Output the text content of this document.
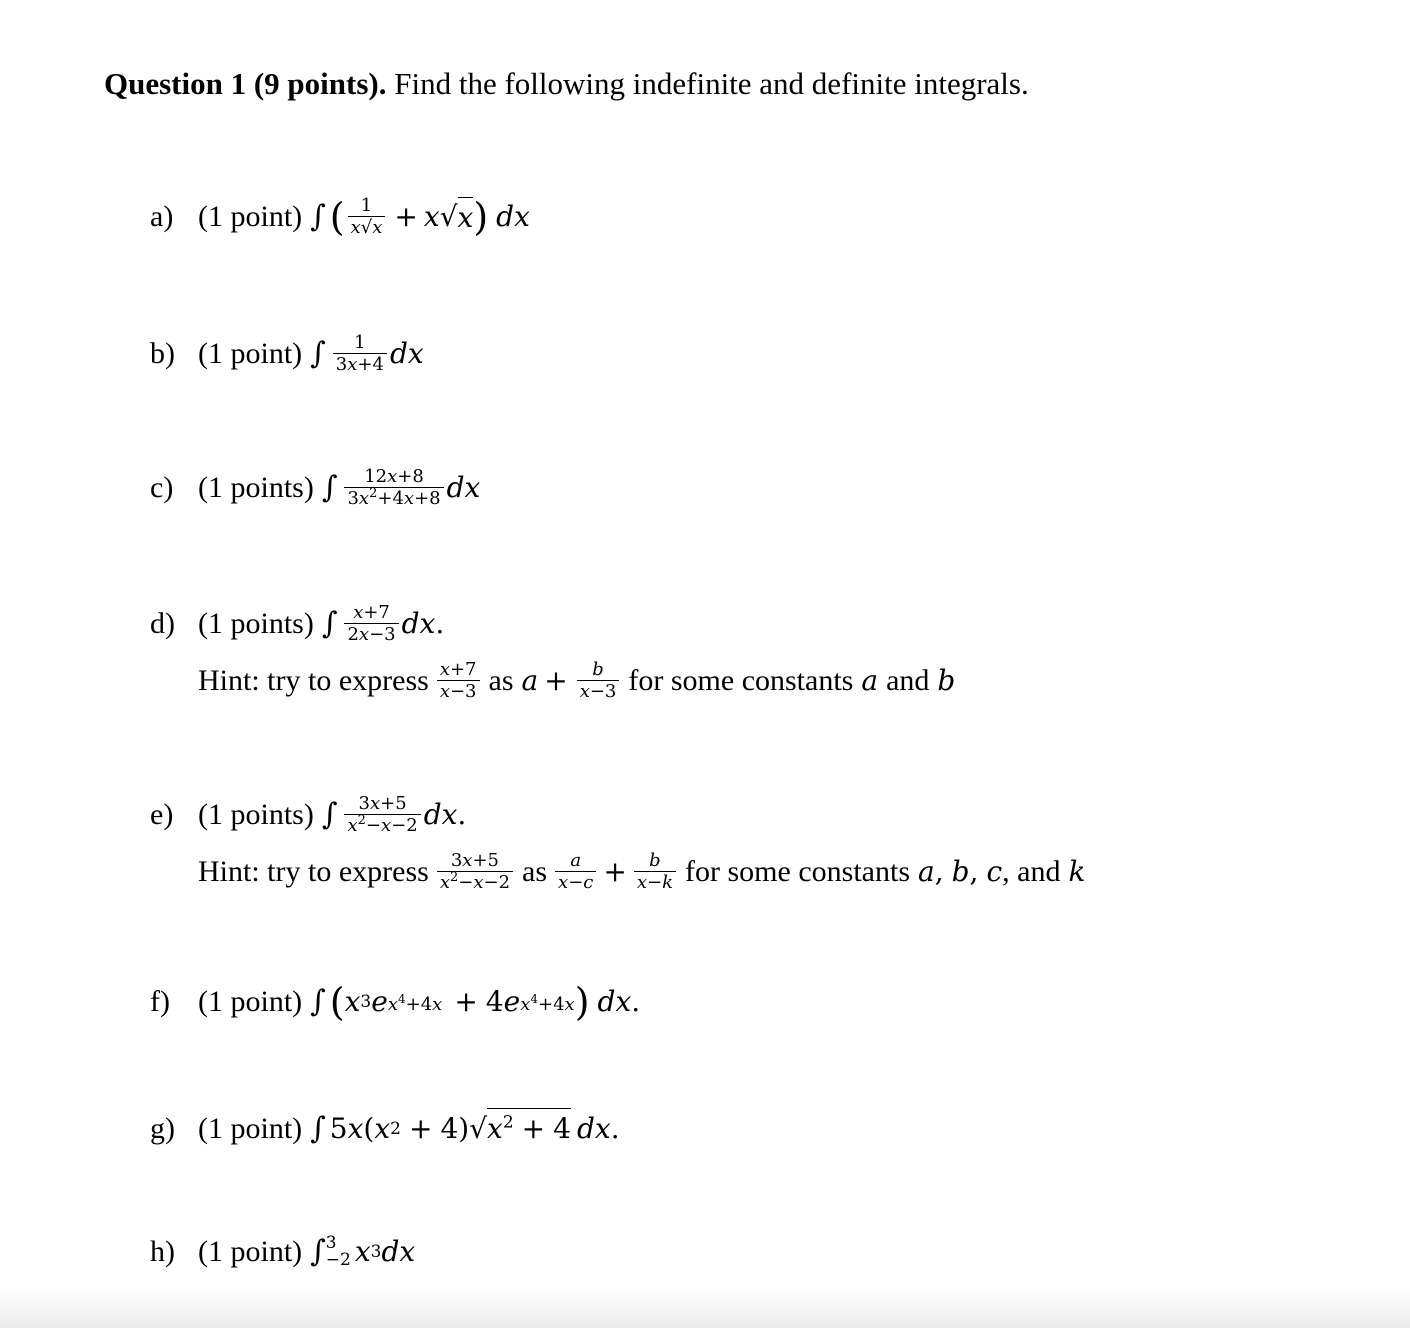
Question 1 (9 points). Find the following indefinite and definite integrals.
a) (1 point) ∫ ( $\frac{1}{x√x} + x$ √ x ) dx
b) (1 point) ∫ $\frac{1}{3x+4}$ dx
c) (1 points) ∫ $\frac{12x+8}{3x^2+4x+8}$ dx
d) (1 points) ∫ $\frac{x+7}{2x-3}$ dx .
Hint: try to express $\frac{x+7}{x-3}$ as $a + \frac{b}{x-3}$ for some constants a and b
e) (1 points) ∫ $\frac{3x+5}{x^2-x-2}$ dx .
Hint: try to express $\frac{3x+5}{x^2-x-2}$ as $\frac{a}{x-c} + \frac{b}{x-k}$ for some constants a , b , c , and k
f) (1 point) ∫ ( x 3 e $x^4+4x + 4$ e $x^4+4x$ ) dx .
g) (1 point) ∫ 5 x ( x 2 + 4)√ $x^2 + 4$ dx .
h) (1 point) ∫ 3
−2 x 3 dx
